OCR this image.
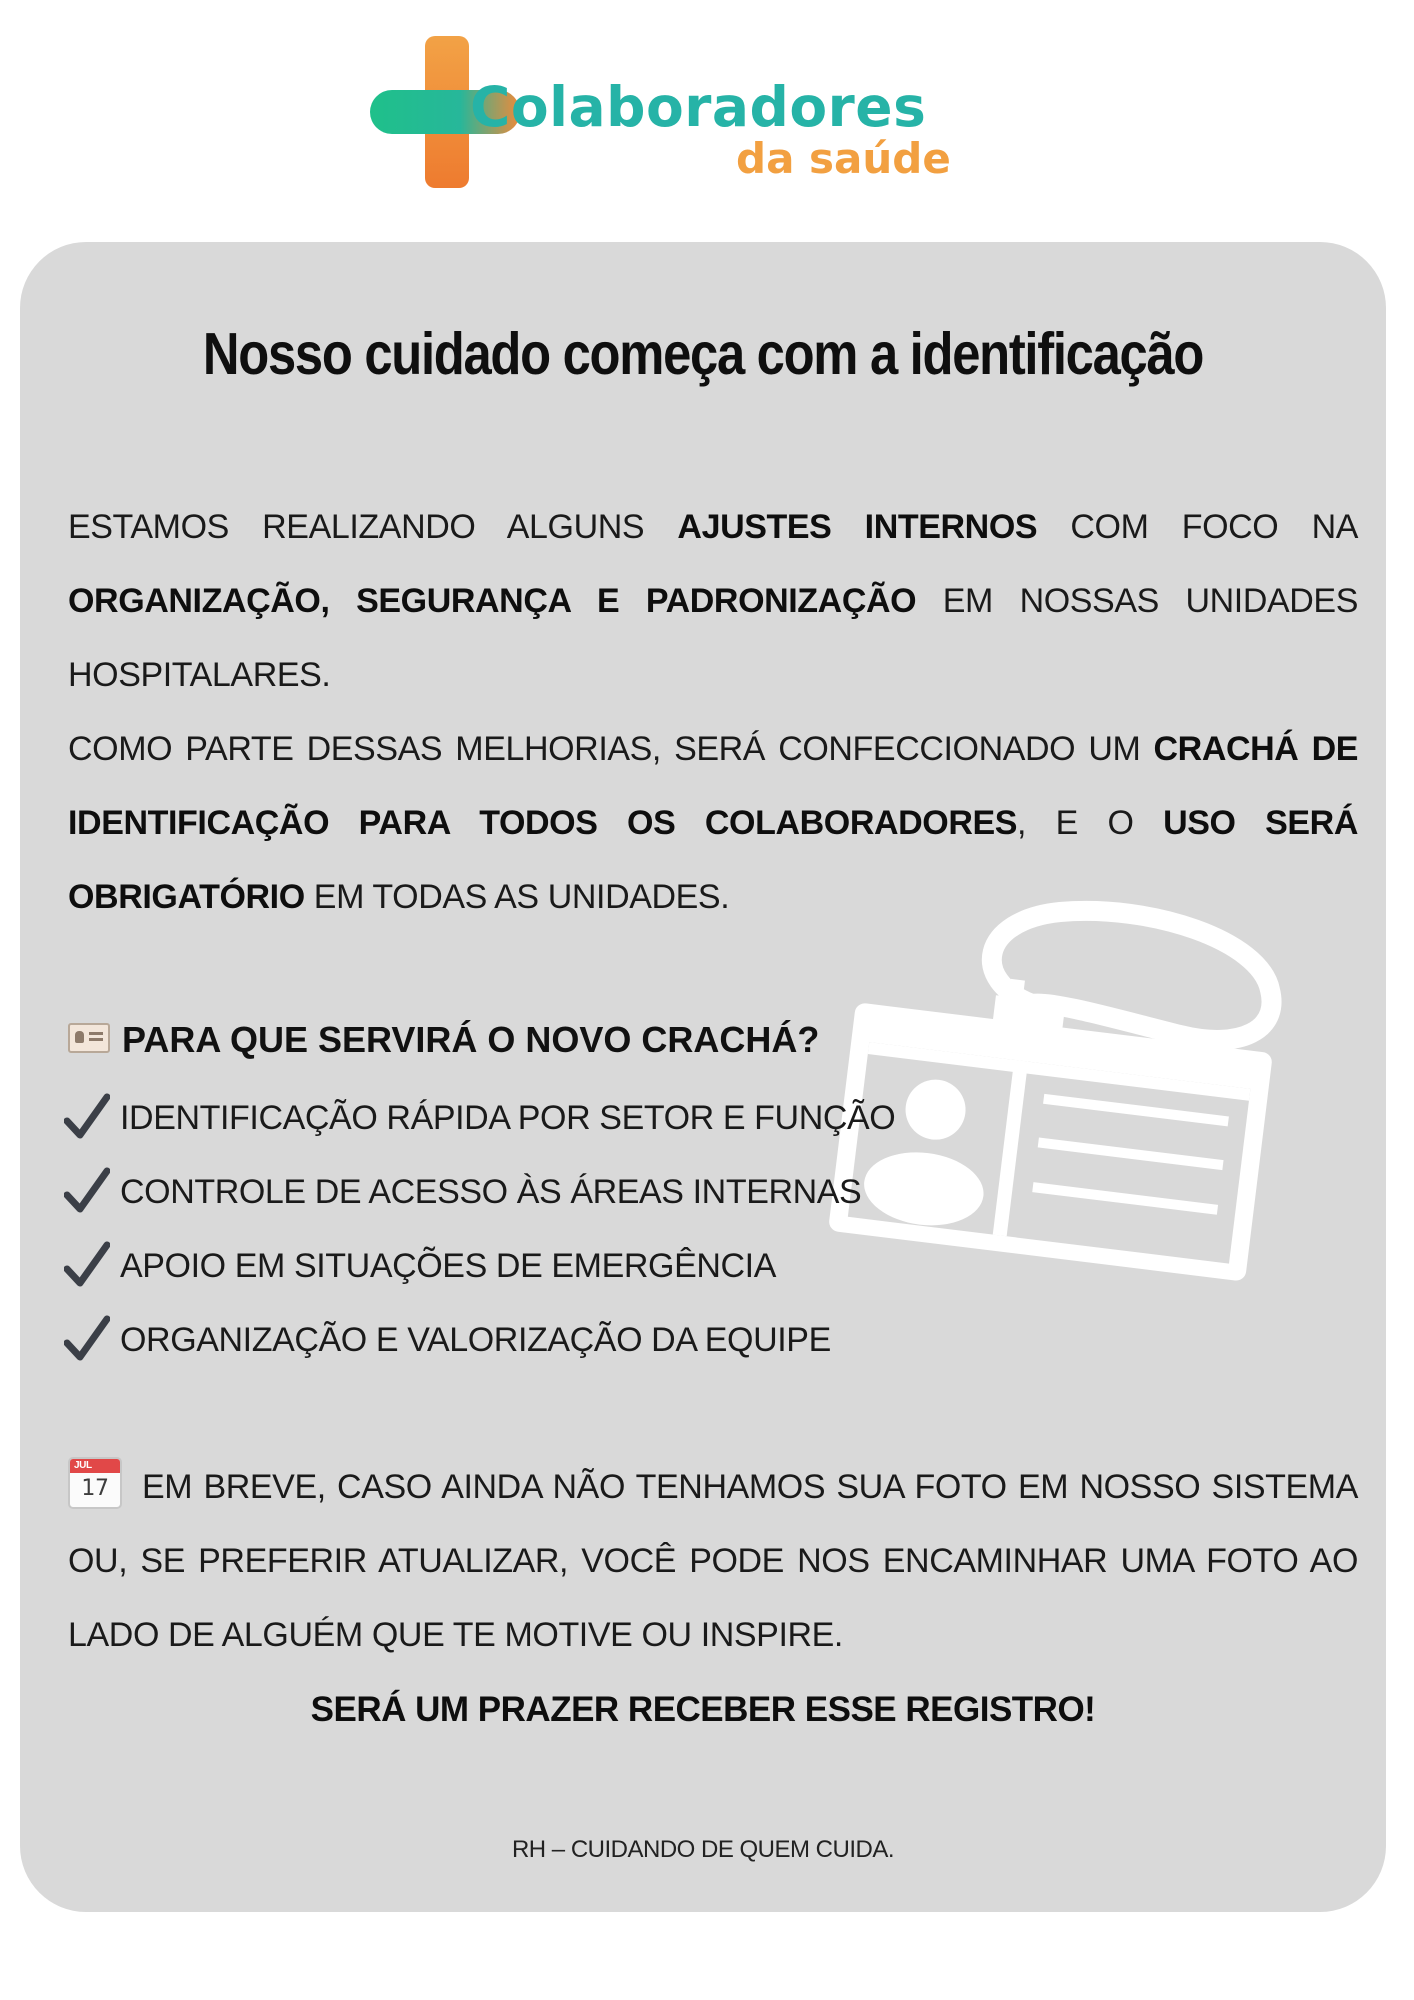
Colaboradores
da saúde
Nosso cuidado começa com a identificação
ESTAMOS REALIZANDO ALGUNS AJUSTES INTERNOS COM FOCO NA ORGANIZAÇÃO, SEGURANÇA E PADRONIZAÇÃO EM NOSSAS UNIDADES HOSPITALARES.
COMO PARTE DESSAS MELHORIAS, SERÁ CONFECCIONADO UM CRACHÁ DE IDENTIFICAÇÃO PARA TODOS OS COLABORADORES, E O USO SERÁ OBRIGATÓRIO EM TODAS AS UNIDADES.
PARA QUE SERVIRÁ O NOVO CRACHÁ?
IDENTIFICAÇÃO RÁPIDA POR SETOR E FUNÇÃO
CONTROLE DE ACESSO ÀS ÁREAS INTERNAS
APOIO EM SITUAÇÕES DE EMERGÊNCIA
ORGANIZAÇÃO E VALORIZAÇÃO DA EQUIPE
JUL
17 EM BREVE, CASO AINDA NÃO TENHAMOS SUA FOTO EM NOSSO SISTEMA OU, SE PREFERIR ATUALIZAR, VOCÊ PODE NOS ENCAMINHAR UMA FOTO AO LADO DE ALGUÉM QUE TE MOTIVE OU INSPIRE.
SERÁ UM PRAZER RECEBER ESSE REGISTRO!
RH – CUIDANDO DE QUEM CUIDA.
